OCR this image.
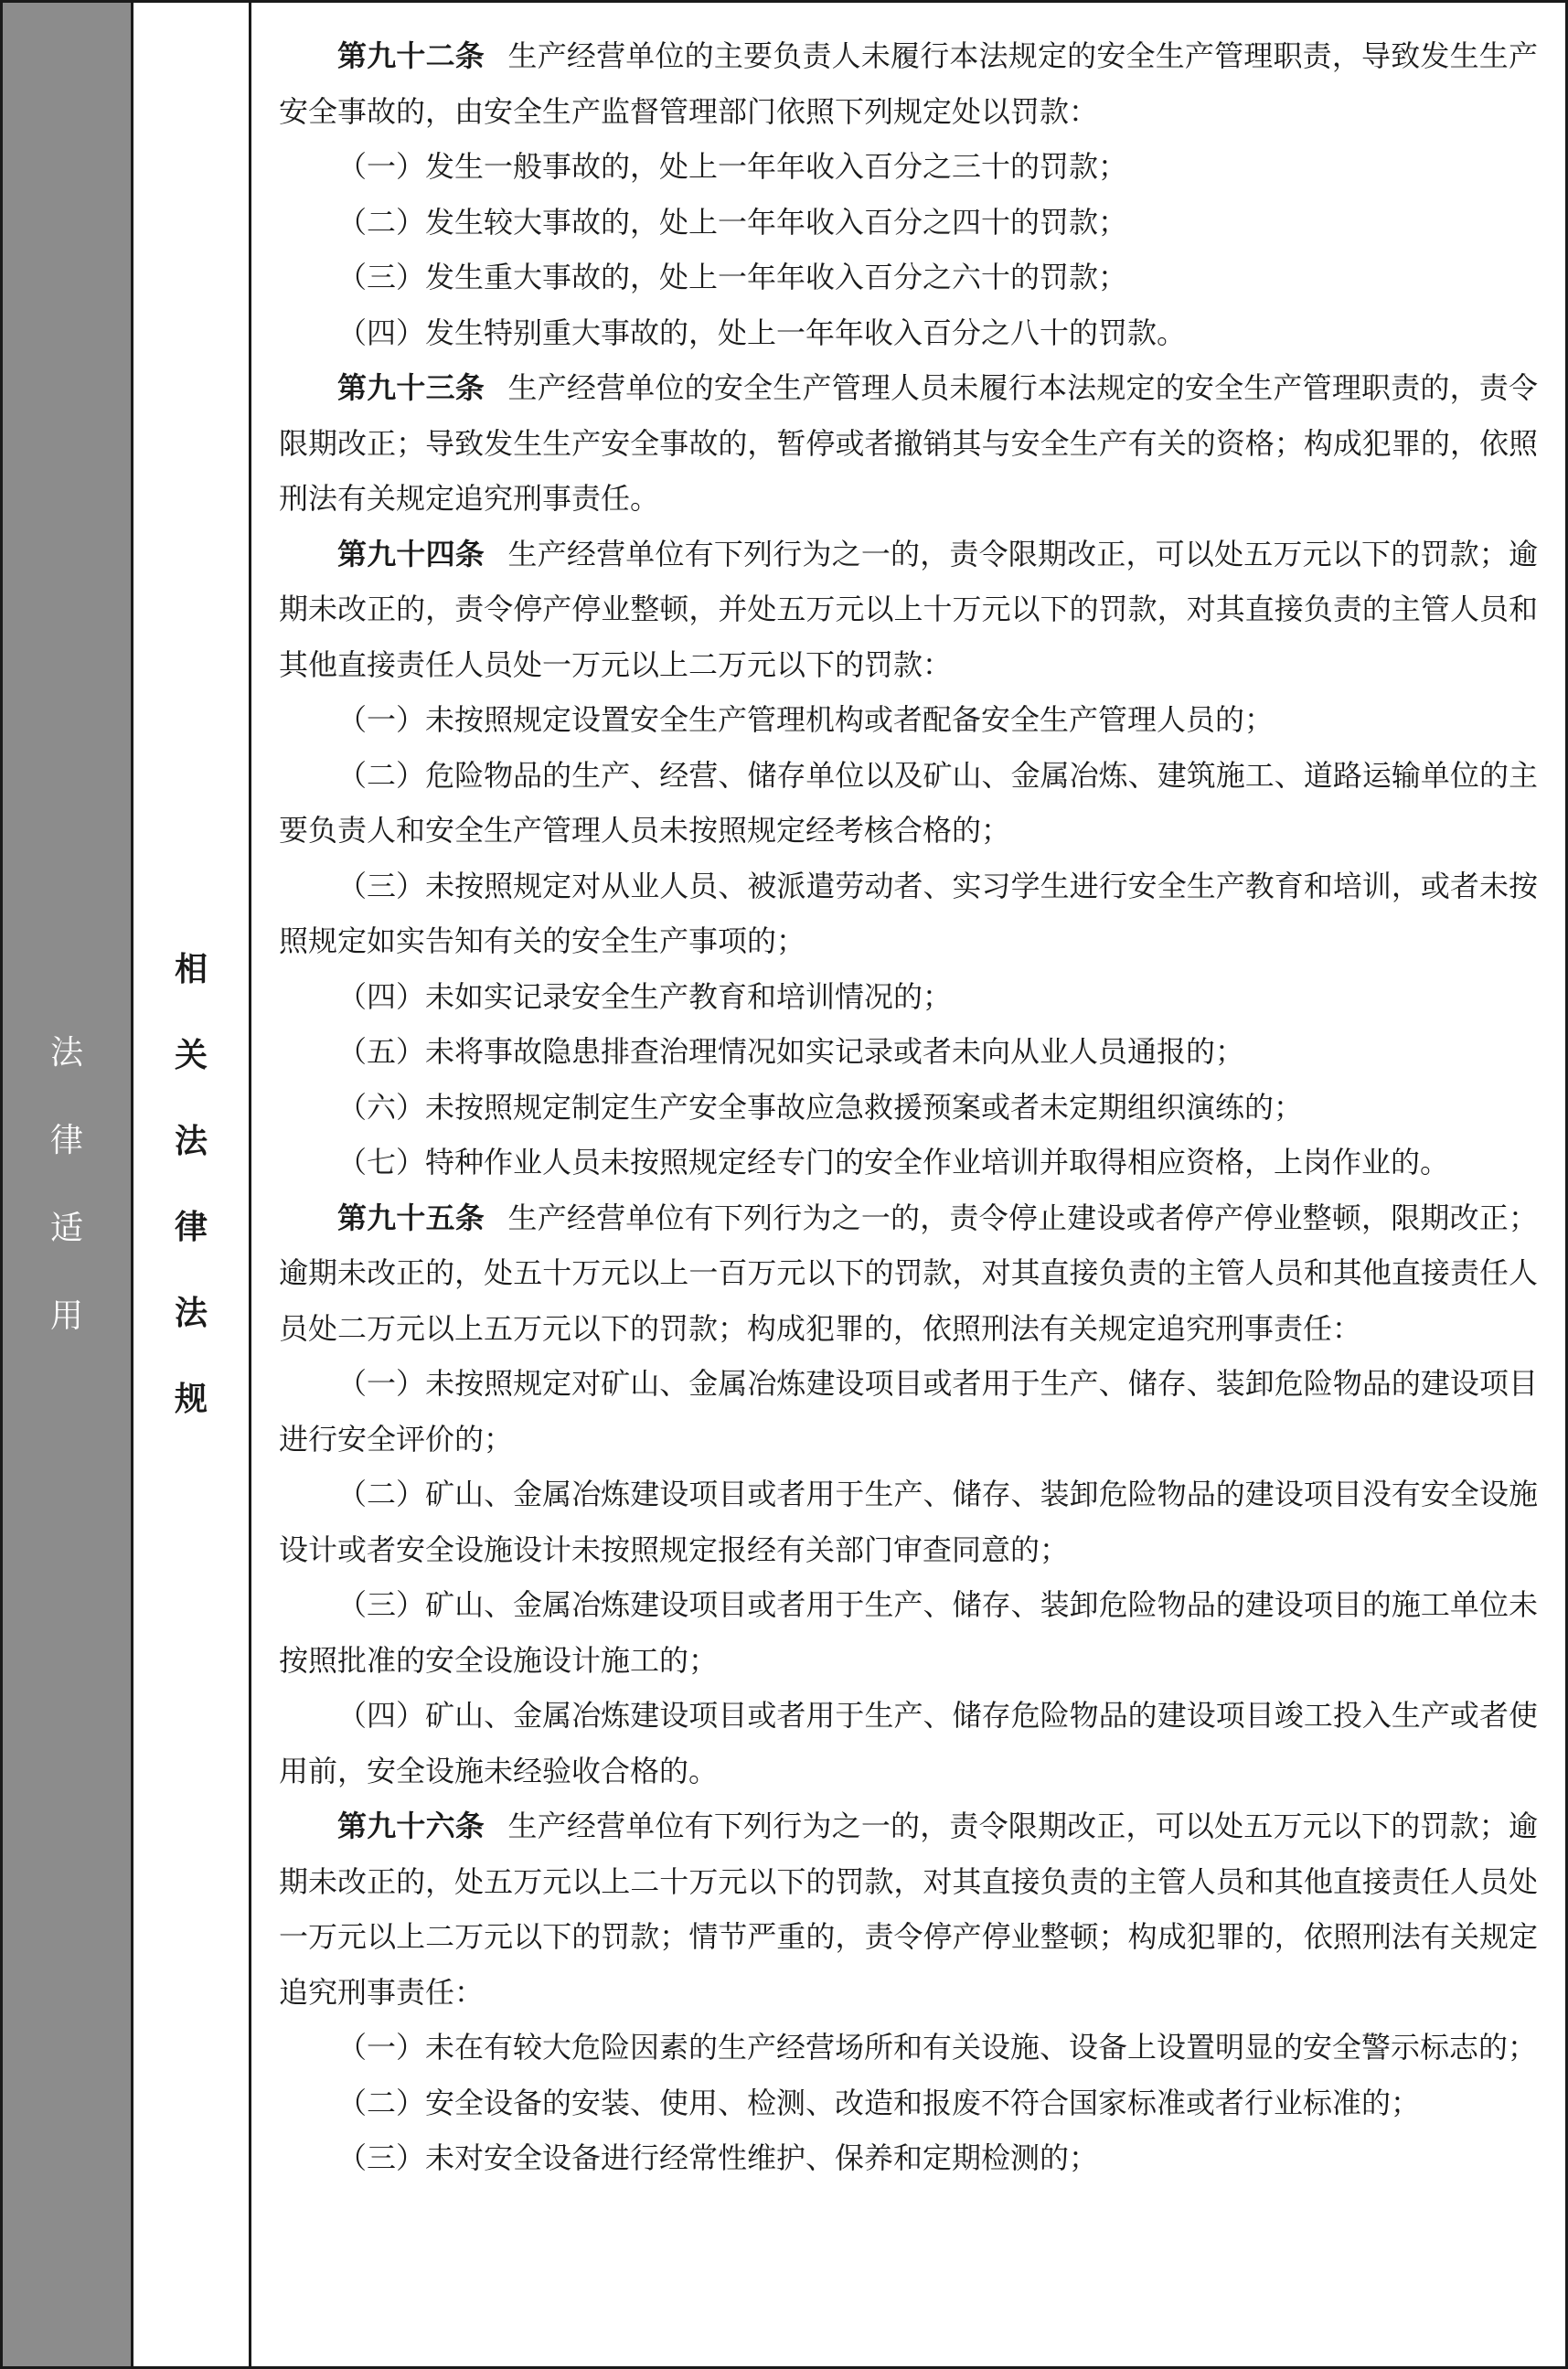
法
律
适
用
相
关
法
律
法
规

第九十二条 生产经营单位的主要负责人未履行本法规定的安全生产管理职责，导致发生生产安全事故的，由安全生产监督管理部门依照下列规定处以罚款：

（一）发生一般事故的，处上一年年收入百分之三十的罚款；

（二）发生较大事故的，处上一年年收入百分之四十的罚款；

（三）发生重大事故的，处上一年年收入百分之六十的罚款；

（四）发生特别重大事故的，处上一年年收入百分之八十的罚款。

第九十三条 生产经营单位的安全生产管理人员未履行本法规定的安全生产管理职责的，责令限期改正；导致发生生产安全事故的，暂停或者撤销其与安全生产有关的资格；构成犯罪的，依照刑法有关规定追究刑事责任。

第九十四条 生产经营单位有下列行为之一的，责令限期改正，可以处五万元以下的罚款；逾期未改正的，责令停产停业整顿，并处五万元以上十万元以下的罚款，对其直接负责的主管人员和其他直接责任人员处一万元以上二万元以下的罚款：

（一）未按照规定设置安全生产管理机构或者配备安全生产管理人员的；

（二）危险物品的生产、经营、储存单位以及矿山、金属冶炼、建筑施工、道路运输单位的主要负责人和安全生产管理人员未按照规定经考核合格的；

（三）未按照规定对从业人员、被派遣劳动者、实习学生进行安全生产教育和培训，或者未按照规定如实告知有关的安全生产事项的；

（四）未如实记录安全生产教育和培训情况的；

（五）未将事故隐患排查治理情况如实记录或者未向从业人员通报的；

（六）未按照规定制定生产安全事故应急救援预案或者未定期组织演练的；

（七）特种作业人员未按照规定经专门的安全作业培训并取得相应资格，上岗作业的。

第九十五条 生产经营单位有下列行为之一的，责令停止建设或者停产停业整顿，限期改正；逾期未改正的，处五十万元以上一百万元以下的罚款，对其直接负责的主管人员和其他直接责任人员处二万元以上五万元以下的罚款；构成犯罪的，依照刑法有关规定追究刑事责任：

（一）未按照规定对矿山、金属冶炼建设项目或者用于生产、储存、装卸危险物品的建设项目进行安全评价的；

（二）矿山、金属冶炼建设项目或者用于生产、储存、装卸危险物品的建设项目没有安全设施设计或者安全设施设计未按照规定报经有关部门审查同意的；

（三）矿山、金属冶炼建设项目或者用于生产、储存、装卸危险物品的建设项目的施工单位未按照批准的安全设施设计施工的；

（四）矿山、金属冶炼建设项目或者用于生产、储存危险物品的建设项目竣工投入生产或者使用前，安全设施未经验收合格的。

第九十六条 生产经营单位有下列行为之一的，责令限期改正，可以处五万元以下的罚款；逾期未改正的，处五万元以上二十万元以下的罚款，对其直接负责的主管人员和其他直接责任人员处一万元以上二万元以下的罚款；情节严重的，责令停产停业整顿；构成犯罪的，依照刑法有关规定追究刑事责任：

（一）未在有较大危险因素的生产经营场所和有关设施、设备上设置明显的安全警示标志的；

（二）安全设备的安装、使用、检测、改造和报废不符合国家标准或者行业标准的；

（三）未对安全设备进行经常性维护、保养和定期检测的；
